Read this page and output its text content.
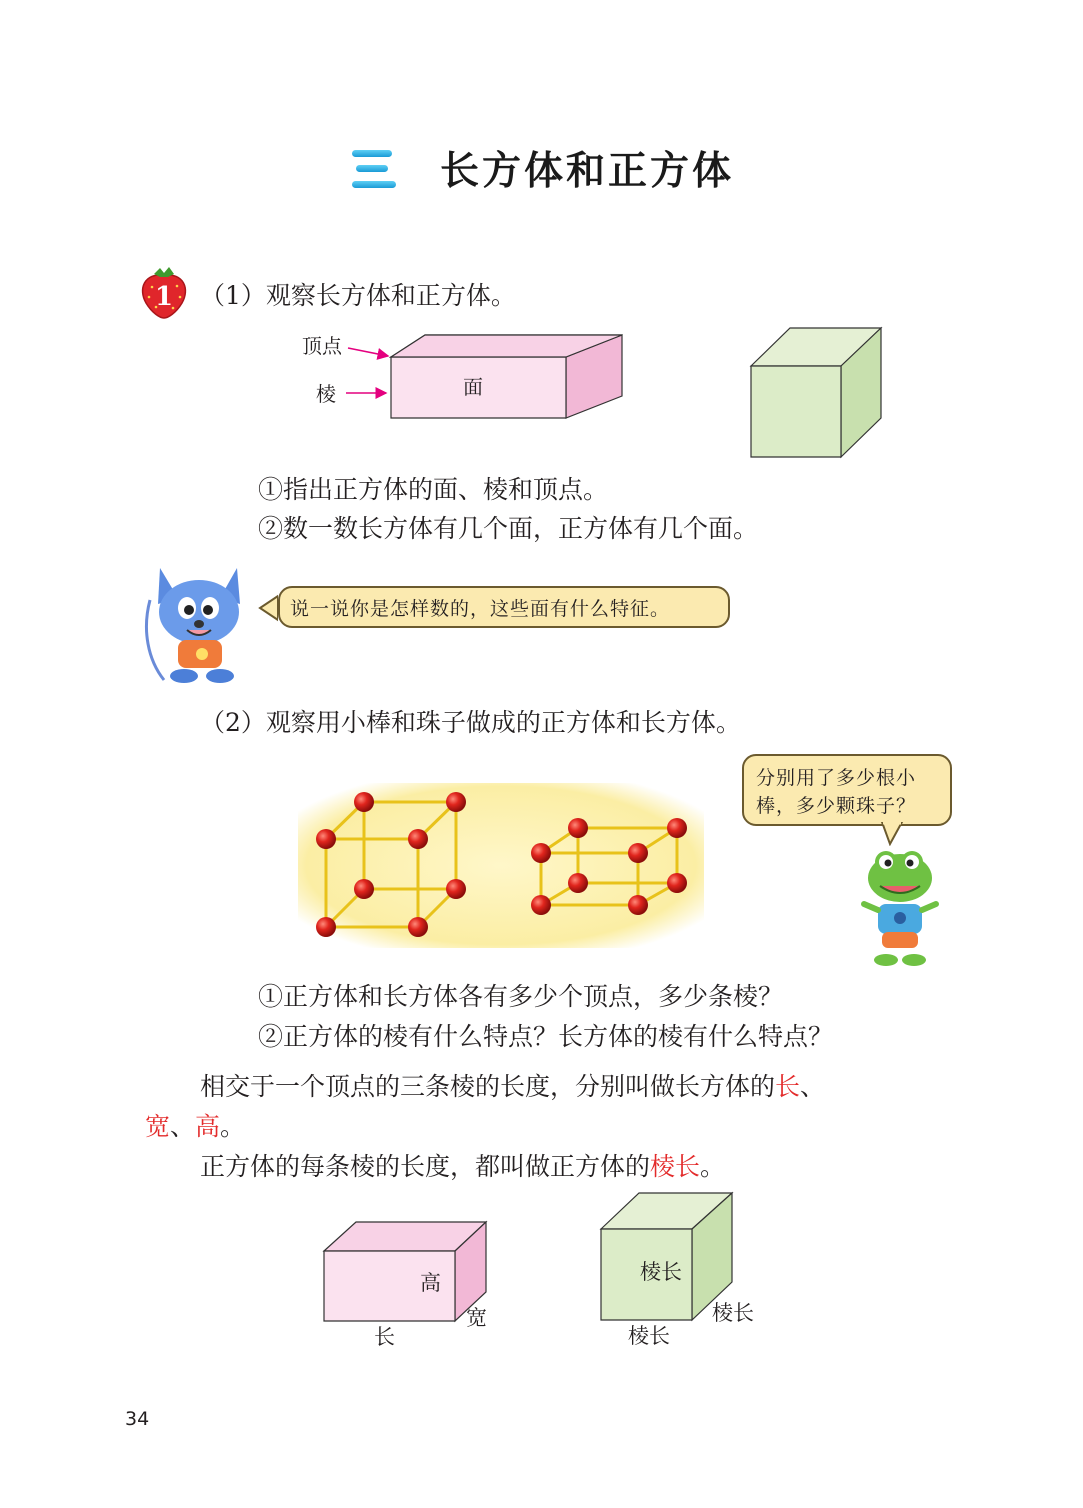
长方体和正方体
1 （1）观察长方体和正方体。
顶点
棱	面
①指出正方体的面、棱和顶点。
②数一数长方体有几个面，正方体有几个面。
说一说你是怎样数的，这些面有什么特征。
（2）观察用小棒和珠子做成的正方体和长方体。
分别用了多少根小
棒，多少颗珠子？
①正方体和长方体各有多少个顶点，多少条棱？
②正方体的棱有什么特点？长方体的棱有什么特点？
相交于一个顶点的三条棱的长度，分别叫做长方体的长、
宽、高。
正方体的每条棱的长度，都叫做正方体的棱长。
高
宽
长
棱长
棱长
棱长
34
